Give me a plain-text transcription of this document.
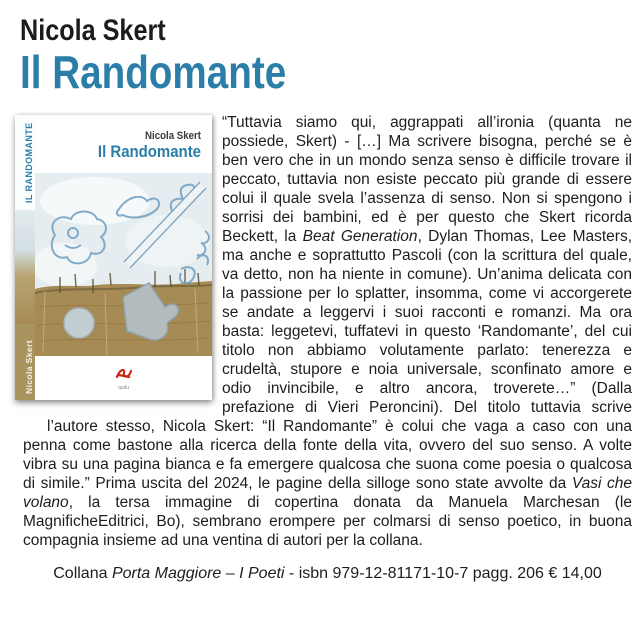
Nicola Skert
Il Randomante
IL RANDOMANTE
Nicola Skert
Nicola Skert
Il Randomante
qudu

“Tuttavia siamo qui, aggrappati all’ironia (quanta ne possiede, Skert) - […] Ma scrivere bisogna, perché se è ben vero che in un mondo senza senso è difficile trovare il peccato, tuttavia non esiste peccato più grande di essere colui il quale svela l’assenza di senso. Non si spengono i sorrisi dei bambini, ed è per questo che Skert ricorda Beckett, la Beat Generation, Dylan Thomas, Lee Masters, ma anche e soprattutto Pascoli (con la scrittura del quale, va detto, non ha niente in comune). Un’anima delicata con la passione per lo splatter, insomma, come vi accorgerete se andate a leggervi i suoi racconti e romanzi. Ma ora basta: leggetevi, tuffatevi in questo ‘Randomante’, del cui titolo non abbiamo volutamente parlato: tenerezza e crudeltà, stupore e noia universale, sconfinato amore e odio invincibile, e altro ancora, troverete…” (Dalla prefazione di Vieri Peroncini). Del titolo tuttavia scrive l’autore stesso, Nicola Skert: “Il Randomante” è colui che vaga a caso con una penna come bastone alla ricerca della fonte della vita, ovvero del suo senso. A volte vibra su una pagina bianca e fa emergere qualcosa che suona come poesia o qualcosa di simile.” Prima uscita del 2024, le pagine della silloge sono state avvolte da Vasi che volano, la tersa immagine di copertina donata da Manuela Marchesan (le MagnificheEditrici, Bo), sembrano erompere per colmarsi di senso poetico, in buona compagnia insieme ad una ventina di autori per la collana.

Collana Porta Maggiore – I Poeti - isbn 979-12-81171-10-7 pagg. 206 € 14,00
